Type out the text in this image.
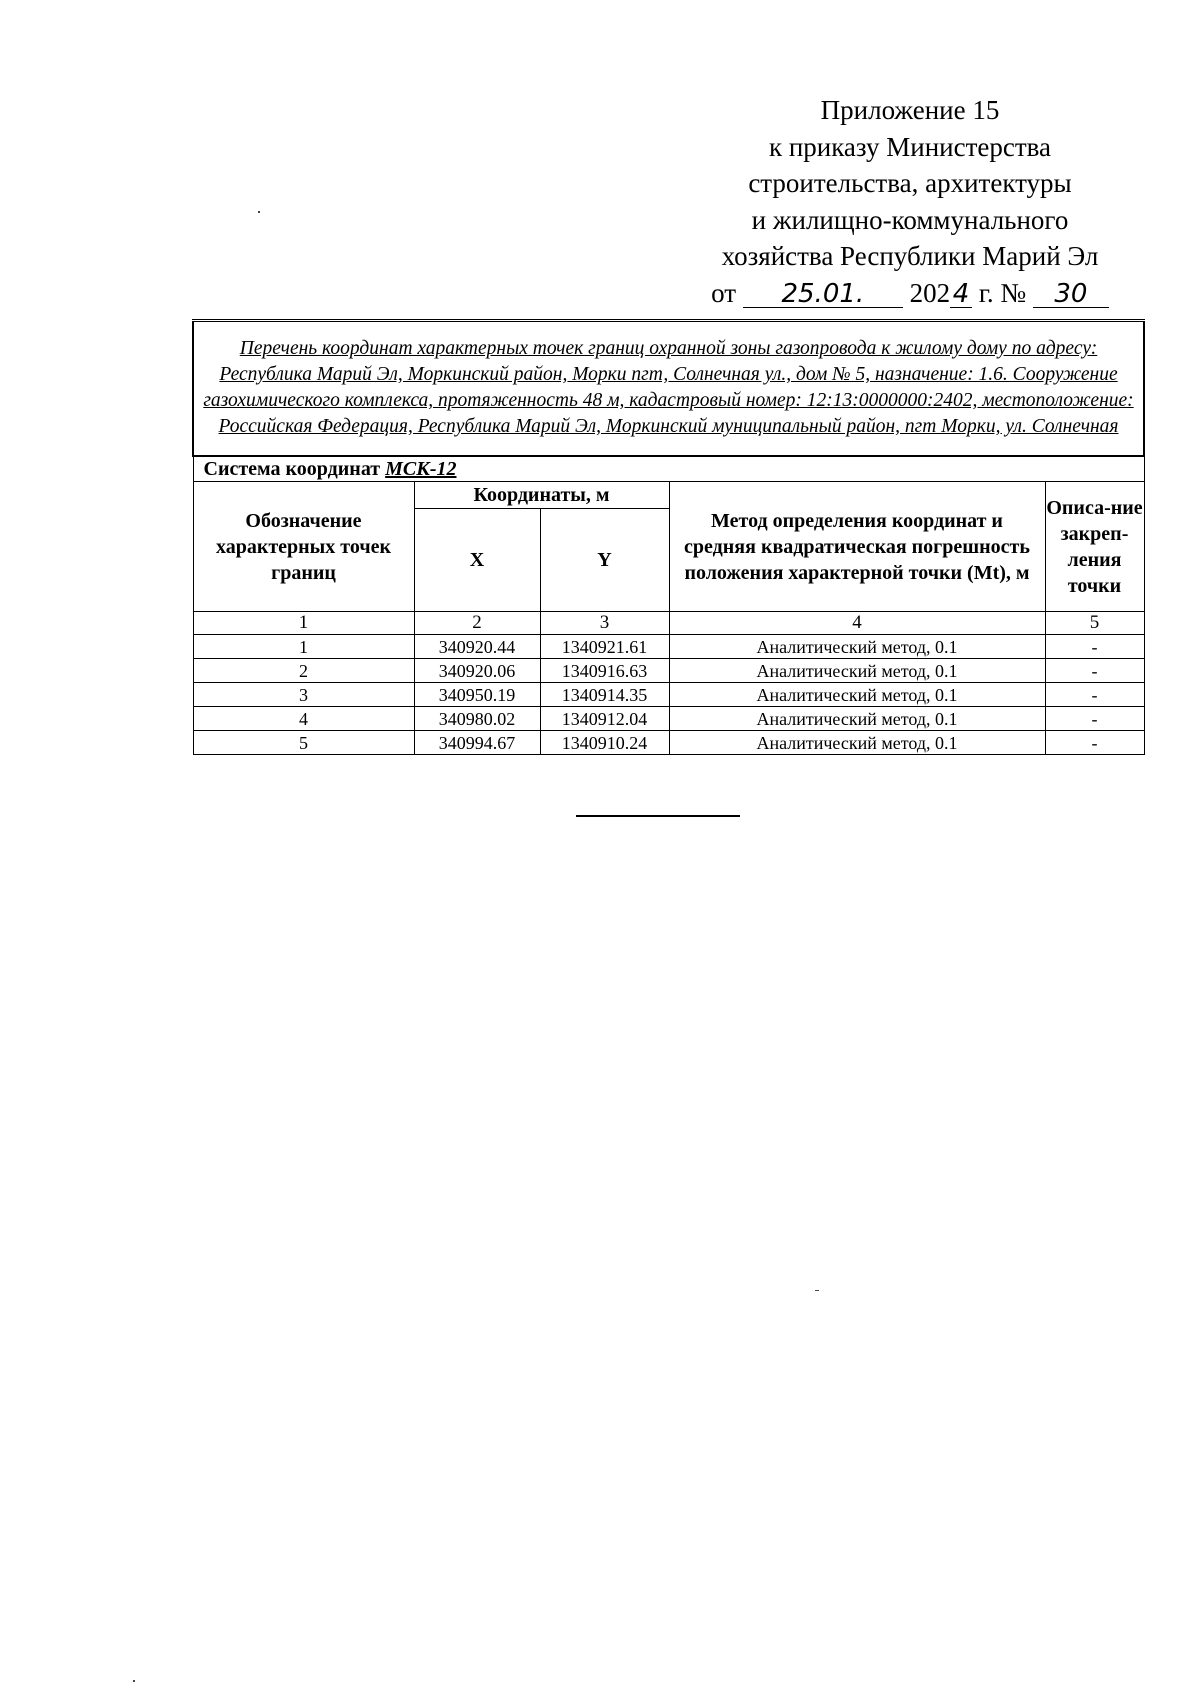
Приложение 15
к приказу Министерства
строительства, архитектуры
и жилищно-коммунального
хозяйства Республики Марий Эл
от 25.01. 202 4 г. № 30
Перечень координат характерных точек границ охранной зоны газопровода к жилому дому по адресу: Республика Марий Эл, Моркинский район, Морки пгт, Солнечная ул., дом № 5, назначение: 1.6. Сооружение газохимического комплекса, протяженность 48 м, кадастровый номер: 12:13:0000000:2402, местоположение: Российская Федерация, Республика Марий Эл, Моркинский муниципальный район, пгт Морки, ул. Солнечная				
Система координат МСК-12				
Обозначение характерных точек границ	Координаты, м		Метод определения координат и средняя квадратическая погрешность положения характерной точки (Mt), м	Описа-ние закреп-ления точки
	X	Y		
1	2	3	4	5
1	340920.44	1340921.61	Аналитический метод, 0.1	-
2	340920.06	1340916.63	Аналитический метод, 0.1	-
3	340950.19	1340914.35	Аналитический метод, 0.1	-
4	340980.02	1340912.04	Аналитический метод, 0.1	-
5	340994.67	1340910.24	Аналитический метод, 0.1	-
